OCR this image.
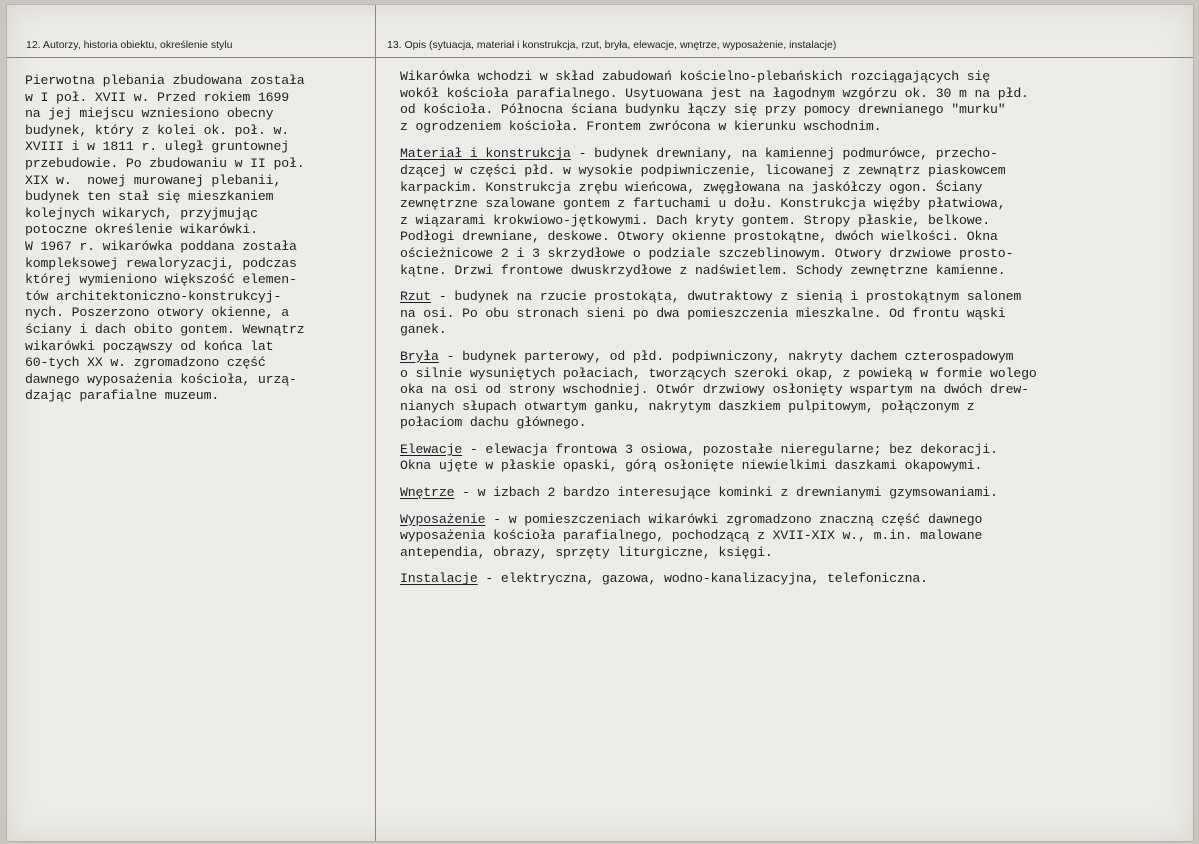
12. Autorzy, historia obiektu, określenie stylu	13. Opis (sytuacja, materiał i konstrukcja, rzut, bryła, elewacje, wnętrze, wyposażenie, instalacje)
Pierwotna plebania zbudowana została
w I poł. XVII w. Przed rokiem 1699
na jej miejscu wzniesiono obecny
budynek, który z kolei ok. poł. w.
XVIII i w 1811 r. uległ gruntownej
przebudowie. Po zbudowaniu w II poł.
XIX w.  nowej murowanej plebanii,
budynek ten stał się mieszkaniem
kolejnych wikarych, przyjmując
potoczne określenie wikarówki.
W 1967 r. wikarówka poddana została
kompleksowej rewaloryzacji, podczas
której wymieniono większość elemen-
tów architektoniczno-konstrukcyj-
nych. Poszerzono otwory okienne, a
ściany i dach obito gontem. Wewnątrz
wikarówki począwszy od końca lat
60-tych XX w. zgromadzono część
dawnego wyposażenia kościoła, urzą-
dzając parafialne muzeum.
Wikarówka wchodzi w skład zabudowań kościelno-plebańskich rozciągających się
wokół kościoła parafialnego. Usytuowana jest na łagodnym wzgórzu ok. 30 m na płd.
od kościoła. Północna ściana budynku łączy się przy pomocy drewnianego "murku"
z ogrodzeniem kościoła. Frontem zwrócona w kierunku wschodnim.
Materiał i konstrukcja - budynek drewniany, na kamiennej podmurówce, przecho-
dzącej w części płd. w wysokie podpiwniczenie, licowanej z zewnątrz piaskowcem
karpackim. Konstrukcja zrębu wieńcowa, zwęgłowana na jaskółczy ogon. Ściany
zewnętrzne szalowane gontem z fartuchami u dołu. Konstrukcja więźby płatwiowa,
z wiązarami krokwiowo-jętkowymi. Dach kryty gontem. Stropy płaskie, belkowe.
Podłogi drewniane, deskowe. Otwory okienne prostokątne, dwóch wielkości. Okna
ościeżnicowe 2 i 3 skrzydłowe o podziale szczeblinowym. Otwory drzwiowe prosto-
kątne. Drzwi frontowe dwuskrzydłowe z nadświetlem. Schody zewnętrzne kamienne.
Rzut - budynek na rzucie prostokąta, dwutraktowy z sienią i prostokątnym salonem
na osi. Po obu stronach sieni po dwa pomieszczenia mieszkalne. Od frontu wąski
ganek.
Bryła - budynek parterowy, od płd. podpiwniczony, nakryty dachem czterospadowym
o silnie wysuniętych połaciach, tworzących szeroki okap, z powieką w formie wolego
oka na osi od strony wschodniej. Otwór drzwiowy osłonięty wspartym na dwóch drew-
nianych słupach otwartym ganku, nakrytym daszkiem pulpitowym, połączonym z
połaciom dachu głównego.
Elewacje - elewacja frontowa 3 osiowa, pozostałe nieregularne; bez dekoracji.
Okna ujęte w płaskie opaski, górą osłonięte niewielkimi daszkami okapowymi.
Wnętrze - w izbach 2 bardzo interesujące kominki z drewnianymi gzymsowaniami.
Wyposażenie - w pomieszczeniach wikarówki zgromadzono znaczną część dawnego
wyposażenia kościoła parafialnego, pochodzącą z XVII-XIX w., m.in. malowane
antependia, obrazy, sprzęty liturgiczne, księgi.
Instalacje - elektryczna, gazowa, wodno-kanalizacyjna, telefoniczna.
